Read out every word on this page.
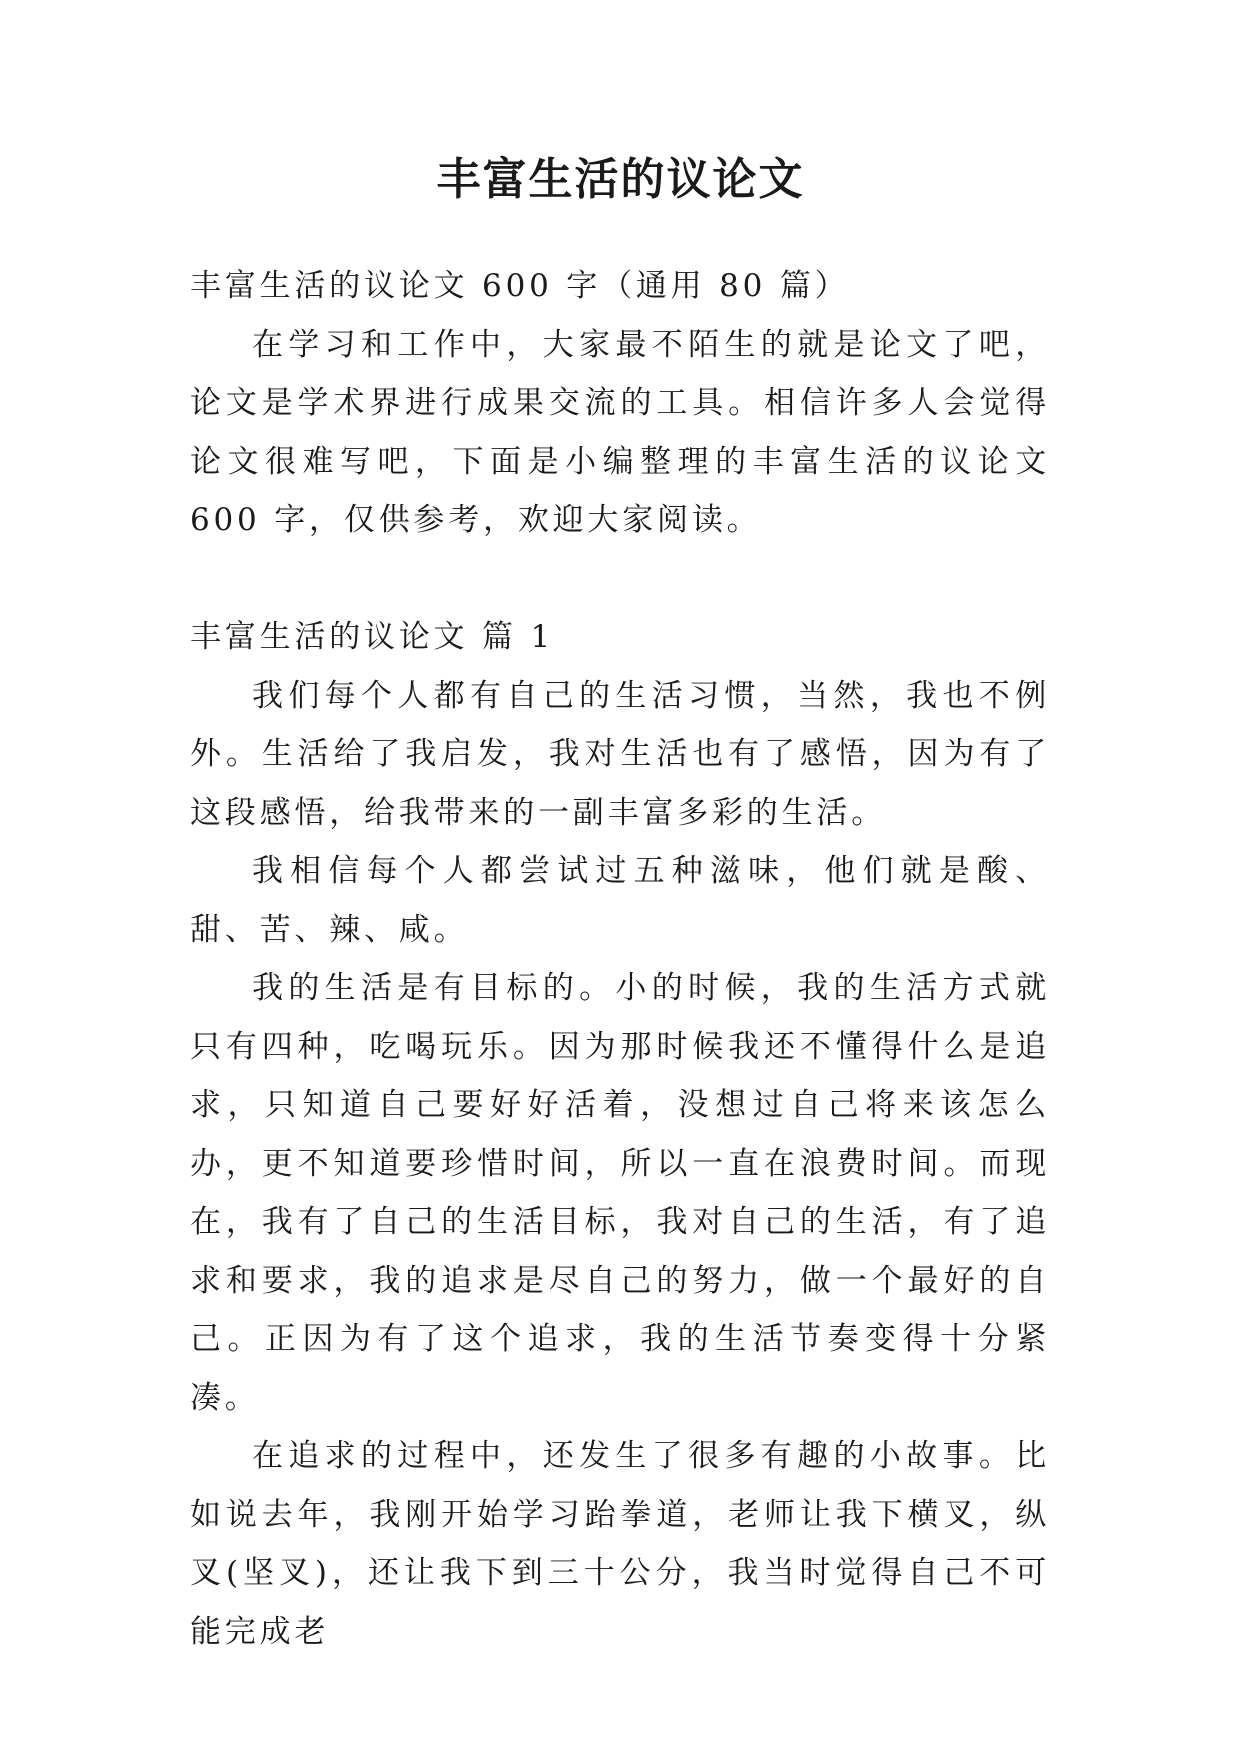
丰富生活的议论文

丰富生活的议论文 600 字（通用 80 篇）

在学习和工作中，大家最不陌生的就是论文了吧，论文是学术界进行成果交流的工具。相信许多人会觉得论文很难写吧，下面是小编整理的丰富生活的议论文 600 字，仅供参考，欢迎大家阅读。

丰富生活的议论文 篇 1

我们每个人都有自己的生活习惯，当然，我也不例外。生活给了我启发，我对生活也有了感悟，因为有了这段感悟，给我带来的一副丰富多彩的生活。

我相信每个人都尝试过五种滋味，他们就是酸、甜、苦、辣、咸。

我的生活是有目标的。小的时候，我的生活方式就只有四种，吃喝玩乐。因为那时候我还不懂得什么是追求，只知道自己要好好活着，没想过自己将来该怎么办，更不知道要珍惜时间，所以一直在浪费时间。而现在，我有了自己的生活目标，我对自己的生活，有了追求和要求，我的追求是尽自己的努力，做一个最好的自己。正因为有了这个追求，我的生活节奏变得十分紧凑。

在追求的过程中，还发生了很多有趣的小故事。比如说去年，我刚开始学习跆拳道，老师让我下横叉，纵叉(坚叉)，还让我下到三十公分，我当时觉得自己不可能完成老
